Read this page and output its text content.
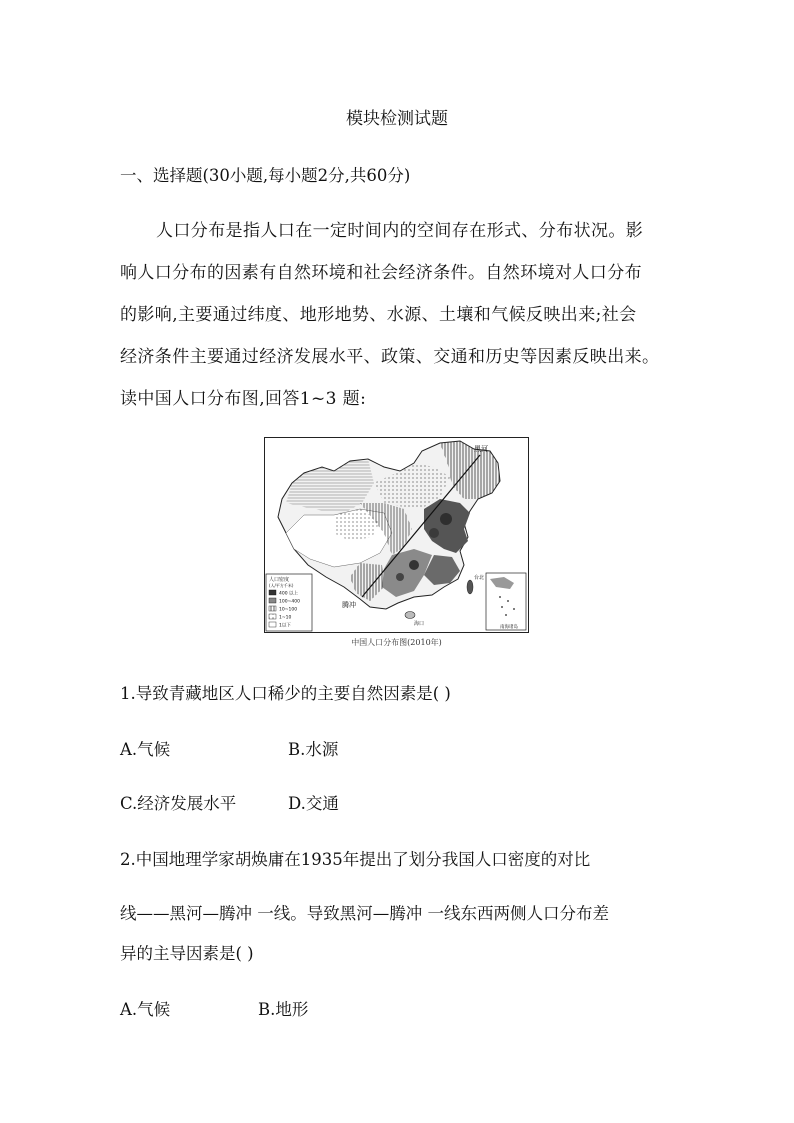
模块检测试题
一、选择题(30小题,每小题2分,共60分)
人口分布是指人口在一定时间内的空间存在形式、分布状况。影
响人口分布的因素有自然环境和社会经济条件。自然环境对人口分布
的影响,主要通过纬度、地形地势、水源、土壤和气候反映出来;社会
经济条件主要通过经济发展水平、政策、交通和历史等因素反映出来。
读中国人口分布图,回答1~3 题:
黑河
腾冲
海口
台北
人口密度
(人/平方千米)
400 以上
100~400
10~100
1~10
1以下	南海诸岛
中国人口分布图(2010年)
1.导致青藏地区人口稀少的主要自然因素是( )
A.气候	B.水源
C.经济发展水平	D.交通
2.中国地理学家胡焕庸在1935年提出了划分我国人口密度的对比
线——黑河—腾冲 一线。导致黑河—腾冲 一线东西两侧人口分布差
异的主导因素是( )
A.气候	B.地形
